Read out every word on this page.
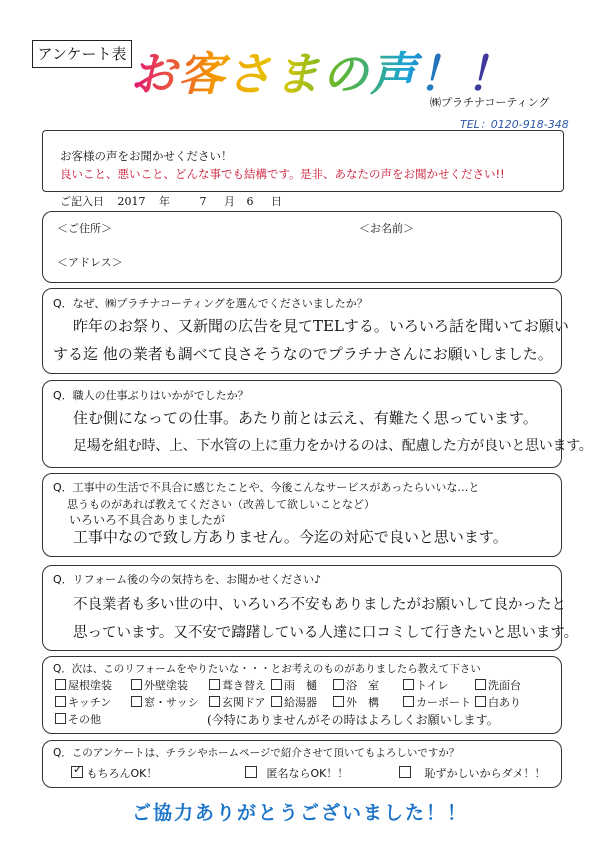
アンケート表 お客さまの声！！
㈱プラチナコーティング
TEL：0120-918-348
お客様の声をお聞かせください！
良いこと、悪いこと、どんな事でも結構です。 是非、あなたの声をお聞かせください!!
ご記入日 2017 年	7 月 6 日
＜ご住所＞	＜お名前＞
＜アドレス＞
Q．なぜ、㈱プラチナコーティングを選んでくださいましたか？
昨年のお祭り、又新聞の広告を見てTELする。いろいろ話を聞いてお願い
する迄 他の業者も調べて良さそうなのでプラチナさんにお願いしました。
Q．職人の仕事ぶりはいかがでしたか？
住む側になっての仕事。あたり前とは云え、有難たく思っています。
足場を組む時、上、下水管の上に重力をかけるのは、配慮した方が良いと思います。
Q．工事中の生活で不具合に感じたことや、今後こんなサービスがあったらいいな…と
思うものがあれば教えてください（改善して欲しいことなど）
いろいろ不具合ありましたが
工事中なので致し方ありません。今迄の対応で良いと思います。
Q．リフォーム後の今の気持ちを、お聞かせください♪
不良業者も多い世の中、いろいろ不安もありましたがお願いして良かったと
思っています。又不安で躊躇している人達に口コミして行きたいと思います。
Q．次は、このリフォームをやりたいな・・・とお考えのものがありましたら教えて下さい
屋根塗装	外壁塗装	葺き替え	雨　樋	浴　室	トイレ	洗面台
キッチン	窓・サッシ	玄関ドア	給湯器	外　構	カーポート	白あり
その他	(今特にありませんがその時はよろしくお願いします。
Q．このアンケートは、チラシやホームページで紹介させて頂いてもよろしいですか？
✓ もちろんOK！	匿名ならOK！！	恥ずかしいからダメ！！
ご協力ありがとうございました！！
